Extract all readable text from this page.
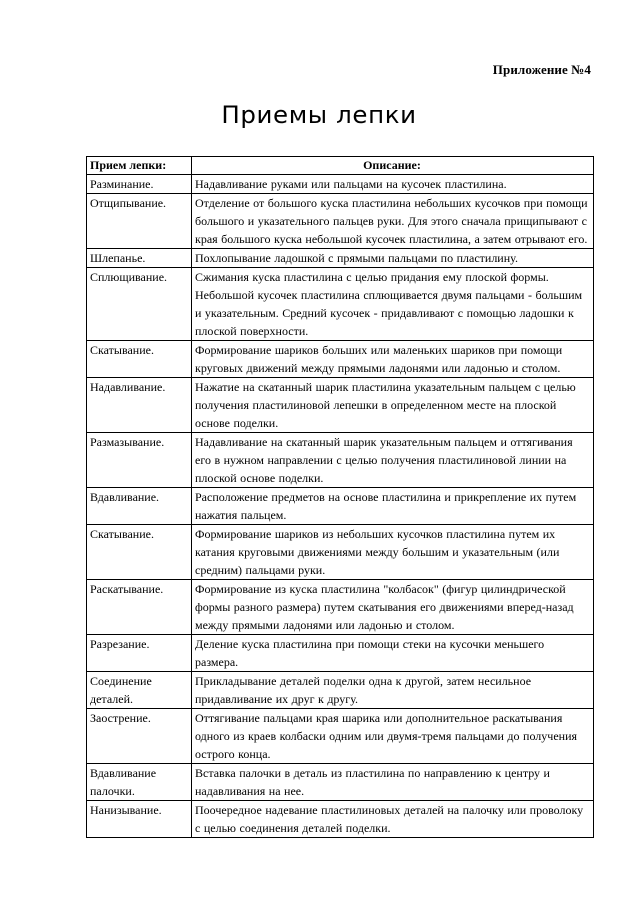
Приложение №4
Приемы лепки
Прием лепки:	Описание:
Разминание.	Надавливание руками или пальцами на кусочек пластилина.
Отщипывание.	Отделение от большого куска пластилина небольших кусочков при помощи большого и указательного пальцев руки. Для этого сначала прищипывают с края большого куска небольшой кусочек пластилина, а затем отрывают его.
Шлепанье.	Похлопывание ладошкой с прямыми пальцами по пластилину.
Сплющивание.	Сжимания куска пластилина с целью придания ему плоской формы. Небольшой кусочек пластилина сплющивается двумя пальцами - большим и указательным. Средний кусочек - придавливают с помощью ладошки к плоской поверхности.
Скатывание.	Формирование шариков больших или маленьких шариков при помощи круговых движений между прямыми ладонями или ладонью и столом.
Надавливание.	Нажатие на скатанный шарик пластилина указательным пальцем с целью получения пластилиновой лепешки в определенном месте на плоской основе поделки.
Размазывание.	Надавливание на скатанный шарик указательным пальцем и оттягивания его в нужном направлении с целью получения пластилиновой линии на плоской основе поделки.
Вдавливание.	Расположение предметов на основе пластилина и прикрепление их путем нажатия пальцем.
Скатывание.	Формирование шариков из небольших кусочков пластилина путем их катания круговыми движениями между большим и указательным (или средним) пальцами руки.
Раскатывание.	Формирование из куска пластилина "колбасок" (фигур цилиндрической формы разного размера) путем скатывания его движениями вперед-назад между прямыми ладонями или ладонью и столом.
Разрезание.	Деление куска пластилина при помощи стеки на кусочки меньшего размера.
Соединение деталей.	Прикладывание деталей поделки одна к другой, затем несильное придавливание их друг к другу.
Заострение.	Оттягивание пальцами края шарика или дополнительное раскатывания одного из краев колбаски одним или двумя-тремя пальцами до получения острого конца.
Вдавливание палочки.	Вставка палочки в деталь из пластилина по направлению к центру и надавливания на нее.
Нанизывание.	Поочередное надевание пластилиновых деталей на палочку или проволоку с целью соединения деталей поделки.
